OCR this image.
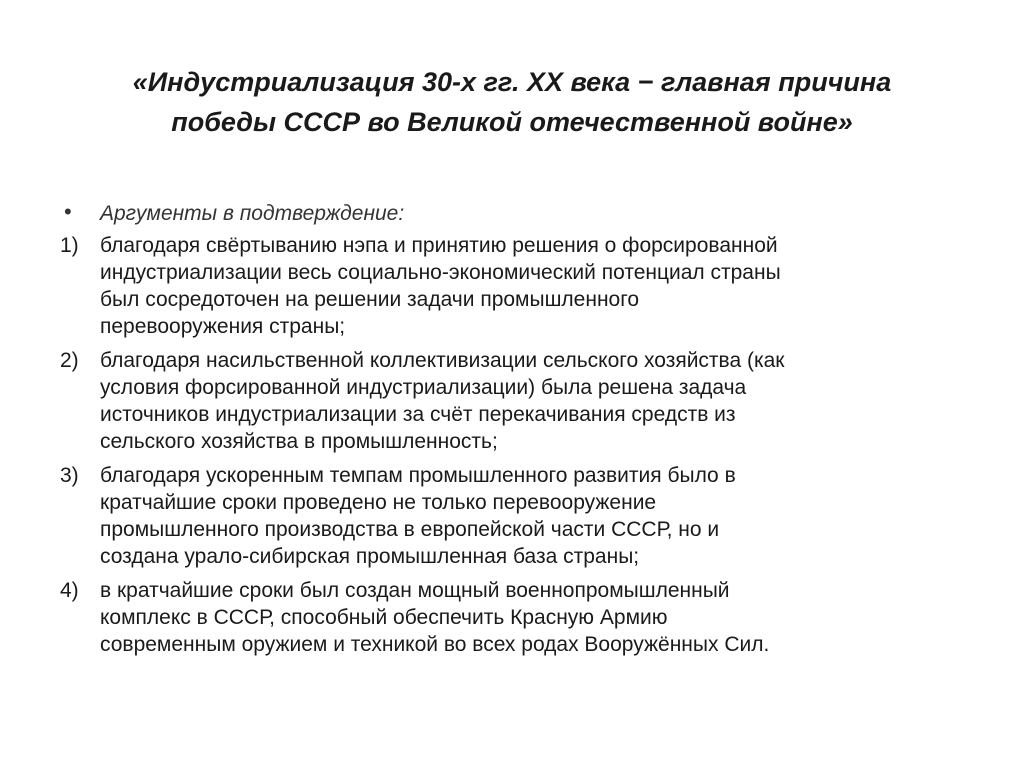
«Индустриализация 30-х гг. XX века − главная причина
победы СССР во Великой отечественной войне»
• Аргументы в подтверждение:
1) благодаря свёртыванию нэпа и принятию решения о форсированной
индустриализации весь социально-экономический потенциал страны
был сосредоточен на решении задачи промышленного
перевооружения страны;
2) благодаря насильственной коллективизации сельского хозяйства (как
условия форсированной индустриализации) была решена задача
источников индустриализации за счёт перекачивания средств из
сельского хозяйства в промышленность;
3) благодаря ускоренным темпам промышленного развития было в
кратчайшие сроки проведено не только перевооружение
промышленного производства в европейской части СССР, но и
создана урало-сибирская промышленная база страны;
4) в кратчайшие сроки был создан мощный военнопромышленный
комплекс в СССР, способный обеспечить Красную Армию
современным оружием и техникой во всех родах Вооружённых Сил.
